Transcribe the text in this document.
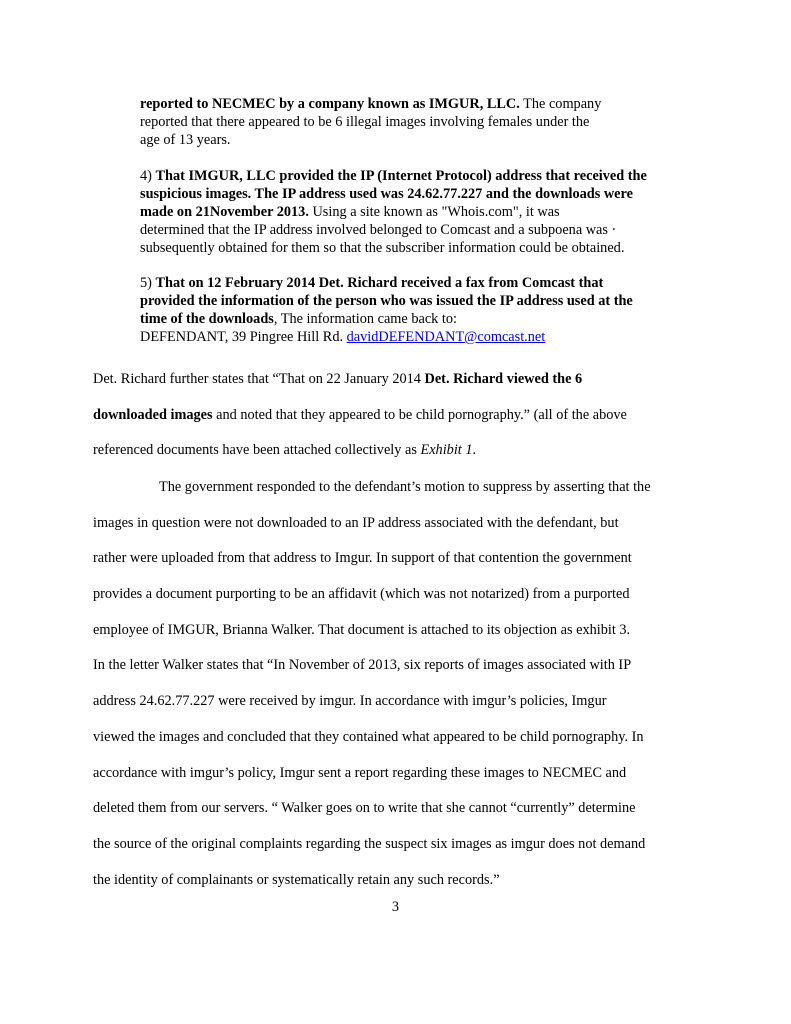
reported to NECMEC by a company known as IMGUR, LLC. The company
reported that there appeared to be 6 illegal images involving females under the
age of 13 years.
4) That IMGUR, LLC provided the IP (Internet Protocol) address that received the
suspicious images. The IP address used was 24.62.77.227 and the downloads were
made on 21November 2013. Using a site known as "Whois.com", it was
determined that the IP address involved belonged to Comcast and a subpoena was ·
subsequently obtained for them so that the subscriber information could be obtained.
5) That on 12 February 2014 Det. Richard received a fax from Comcast that
provided the information of the person who was issued the IP address used at the
time of the downloads, The information came back to:
DEFENDANT, 39 Pingree Hill Rd. davidDEFENDANT@comcast.net
Det. Richard further states that “That on 22 January 2014 Det. Richard viewed the 6
downloaded images and noted that they appeared to be child pornography.” (all of the above
referenced documents have been attached collectively as Exhibit 1.
The government responded to the defendant’s motion to suppress by asserting that the
images in question were not downloaded to an IP address associated with the defendant, but
rather were uploaded from that address to Imgur. In support of that contention the government
provides a document purporting to be an affidavit (which was not notarized) from a purported
employee of IMGUR, Brianna Walker. That document is attached to its objection as exhibit 3.
In the letter Walker states that “In November of 2013, six reports of images associated with IP
address 24.62.77.227 were received by imgur. In accordance with imgur’s policies, Imgur
viewed the images and concluded that they contained what appeared to be child pornography. In
accordance with imgur’s policy, Imgur sent a report regarding these images to NECMEC and
deleted them from our servers. “ Walker goes on to write that she cannot “currently” determine
the source of the original complaints regarding the suspect six images as imgur does not demand
the identity of complainants or systematically retain any such records.”
3
